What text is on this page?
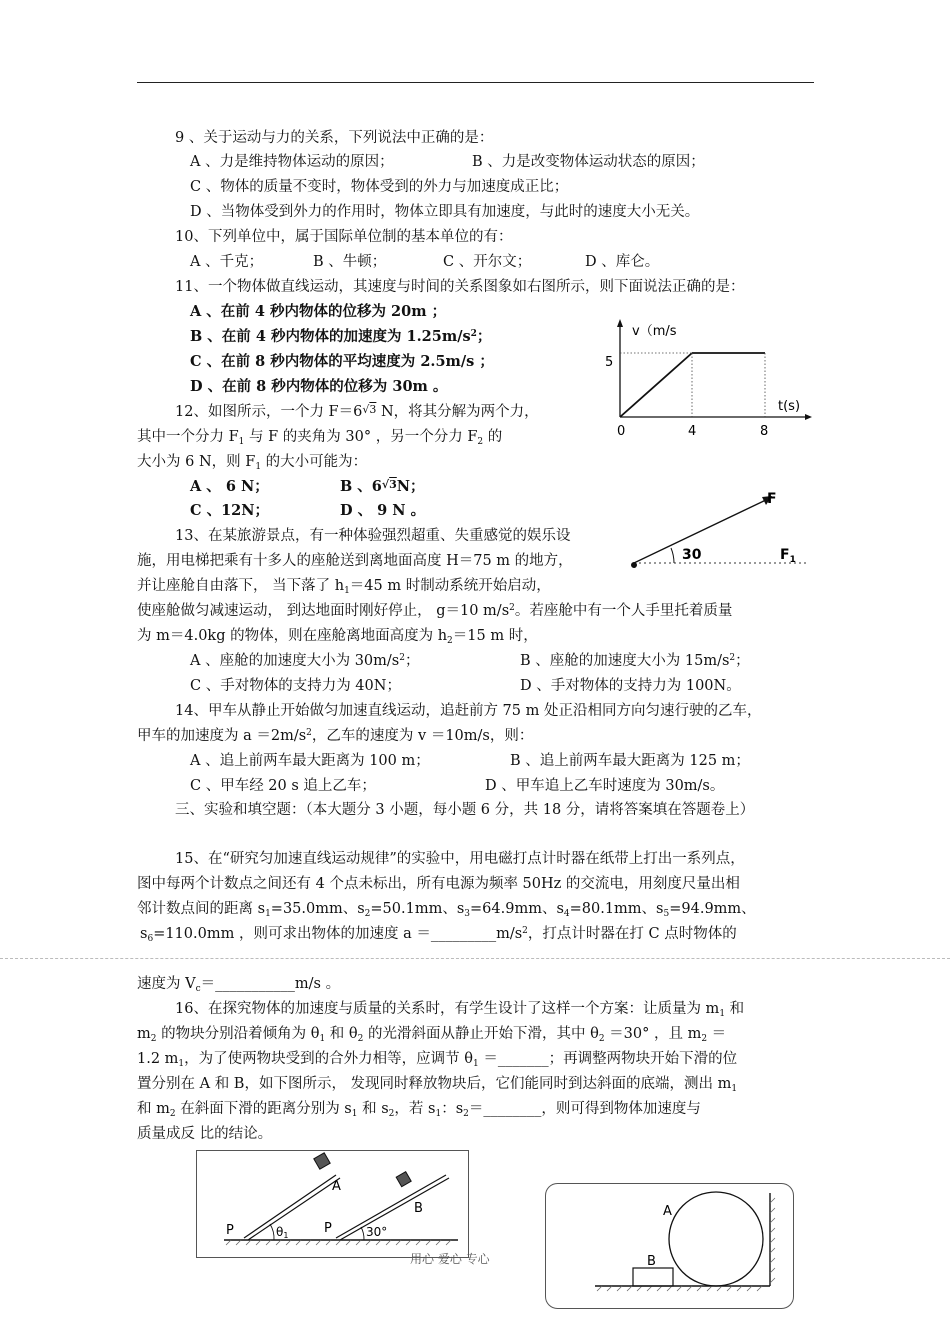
9 、关于运动与力的关系，下列说法中正确的是：
A 、力是维持物体运动的原因；	B 、力是改变物体运动状态的原因；
C 、物体的质量不变时，物体受到的外力与加速度成正比；
D 、当物体受到外力的作用时，物体立即具有加速度，与此时的速度大小无关。
10、下列单位中，属于国际单位制的基本单位的有：
A 、千克；	B 、牛顿；	C 、开尔文；	D 、库仑。
11、一个物体做直线运动，其速度与时间的关系图象如右图所示，则下面说法正确的是：
A 、在前 4 秒内物体的位移为 20m ；
B 、在前 4 秒内物体的加速度为 $1.25m/s^2$；
C 、在前 8 秒内物体的平均速度为 2.5m/s ；
D 、在前 8 秒内物体的位移为 30m 。
v（m/s
5
t(s)
0	4	8
12、如图所示，一个力 $F=6^{√3}$ N，将其分解为两个力，
其中一个分力 $F_1$ 与 F 的夹角为 30° ，另一个分力 $F_2$ 的
大小为 6 N，则 $F_1$ 的大小可能为：
A 、 6 N；	B 、$6^{√3}N$；
C 、12N；	D 、 9 N 。
F
30	$F_1$
13、在某旅游景点，有一种体验强烈超重、失重感觉的娱乐设
施，用电梯把乘有十多人的座舱送到离地面高度 H＝75 m 的地方，
并让座舱自由落下， 当下落了 $h_1=45$ m 时制动系统开始启动，
使座舱做匀减速运动， 到达地面时刚好停止， g＝10 $m/s^2$。若座舱中有一个人手里托着质量
为 m＝4.0kg 的物体，则在座舱离地面高度为 $h_2=15$ m 时，
A 、座舱的加速度大小为 $30m/s^2$；	B 、座舱的加速度大小为 $15m/s^2$；
C 、手对物体的支持力为 40N；	D 、手对物体的支持力为 100N。
14、甲车从静止开始做匀加速直线运动，追赶前方 75 m 处正沿相同方向匀速行驶的乙车，
甲车的加速度为 $a =2m/s^2$，乙车的速度为 v ＝10m/s，则：
A 、追上前两车最大距离为 100 m；	B 、追上前两车最大距离为 125 m；
C 、甲车经 20 s 追上乙车；	D 、甲车追上乙车时速度为 30m/s。
三、实验和填空题：（本大题分 3 小题，每小题 6 分，共 18 分，请将答案填在答题卷上）
15、在“研究匀加速直线运动规律”的实验中，用电磁打点计时器在纸带上打出一系列点，
图中每两个计数点之间还有 4 个点未标出，所有电源为频率 50Hz 的交流电，用刻度尺量出相
邻计数点间的距离 $s_1=35.0mm$、$s_2=50.1mm$、$s_3=64.9mm$、$s_4=80.1mm$、$s_5=94.9mm$、
$s_6=110.0mm$ ，则可求出物体的加速度 $a =\_\_\_\_\_\_\_\_\_m/s^2$，打点计时器在打 C 点时物体的
速度为 $V_c=\_\_\_\_\_\_\_\_\_\_\_m/s$ 。
16、在探究物体的加速度与质量的关系时，有学生设计了这样一个方案：让质量为 $m_1$ 和
$m_2$ 的物块分别沿着倾角为 $\theta_1$ 和 $\theta_2$ 的光滑斜面从静止开始下滑，其中 $\theta_2 =30^\circ$ ，且 $m_2$ ＝
1.2 $m_1$，为了使两物块受到的合外力相等，应调节 $\theta_1$ ＝_______；再调整两物块开始下滑的位
置分别在 A 和 B，如下图所示， 发现同时释放物块后，它们能同时到达斜面的底端，测出 $m_1$
和 $m_2$ 在斜面下滑的距离分别为 $s_1$ 和 $s_2$，若 $s_1$：$s_2=\_\_\_\_\_\_\_\_$，则可得到物体加速度与
质量成反 比的结论。
A
B
P	P
θ1	30°
A
B
用心 爱心 专心
